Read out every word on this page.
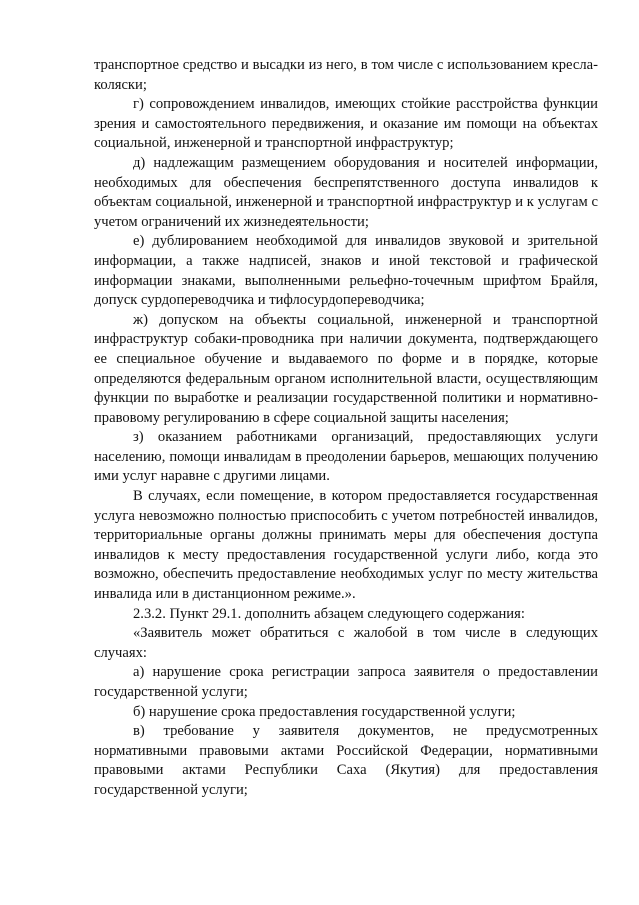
транспортное средство и высадки из него, в том числе с использованием кресла-коляски;

г) сопровождением инвалидов, имеющих стойкие расстройства функции зрения и самостоятельного передвижения, и оказание им помощи на объектах социальной, инженерной и транспортной инфраструктур;

д) надлежащим размещением оборудования и носителей информации, необходимых для обеспечения беспрепятственного доступа инвалидов к объектам социальной, инженерной и транспортной инфраструктур и к услугам с учетом ограничений их жизнедеятельности;

е) дублированием необходимой для инвалидов звуковой и зрительной информации, а также надписей, знаков и иной текстовой и графической информации знаками, выполненными рельефно-точечным шрифтом Брайля, допуск сурдопереводчика и тифлосурдопереводчика;

ж) допуском на объекты социальной, инженерной и транспортной инфраструктур собаки-проводника при наличии документа, подтверждающего ее специальное обучение и выдаваемого по форме и в порядке, которые определяются федеральным органом исполнительной власти, осуществляющим функции по выработке и реализации государственной политики и нормативно-правовому регулированию в сфере социальной защиты населения;

з) оказанием работниками организаций, предоставляющих услуги населению, помощи инвалидам в преодолении барьеров, мешающих получению ими услуг наравне с другими лицами.

В случаях, если помещение, в котором предоставляется государственная услуга невозможно полностью приспособить с учетом потребностей инвалидов, территориальные органы должны принимать меры для обеспечения доступа инвалидов к месту предоставления государственной услуги либо, когда это возможно, обеспечить предоставление необходимых услуг по месту жительства инвалида или в дистанционном режиме.».

2.3.2. Пункт 29.1. дополнить абзацем следующего содержания:

«Заявитель может обратиться с жалобой в том числе в следующих случаях:

а) нарушение срока регистрации запроса заявителя о предоставлении государственной услуги;

б) нарушение срока предоставления государственной услуги;

в) требование у заявителя документов, не предусмотренных нормативными правовыми актами Российской Федерации, нормативными правовыми актами Республики Саха (Якутия) для предоставления государственной услуги;
